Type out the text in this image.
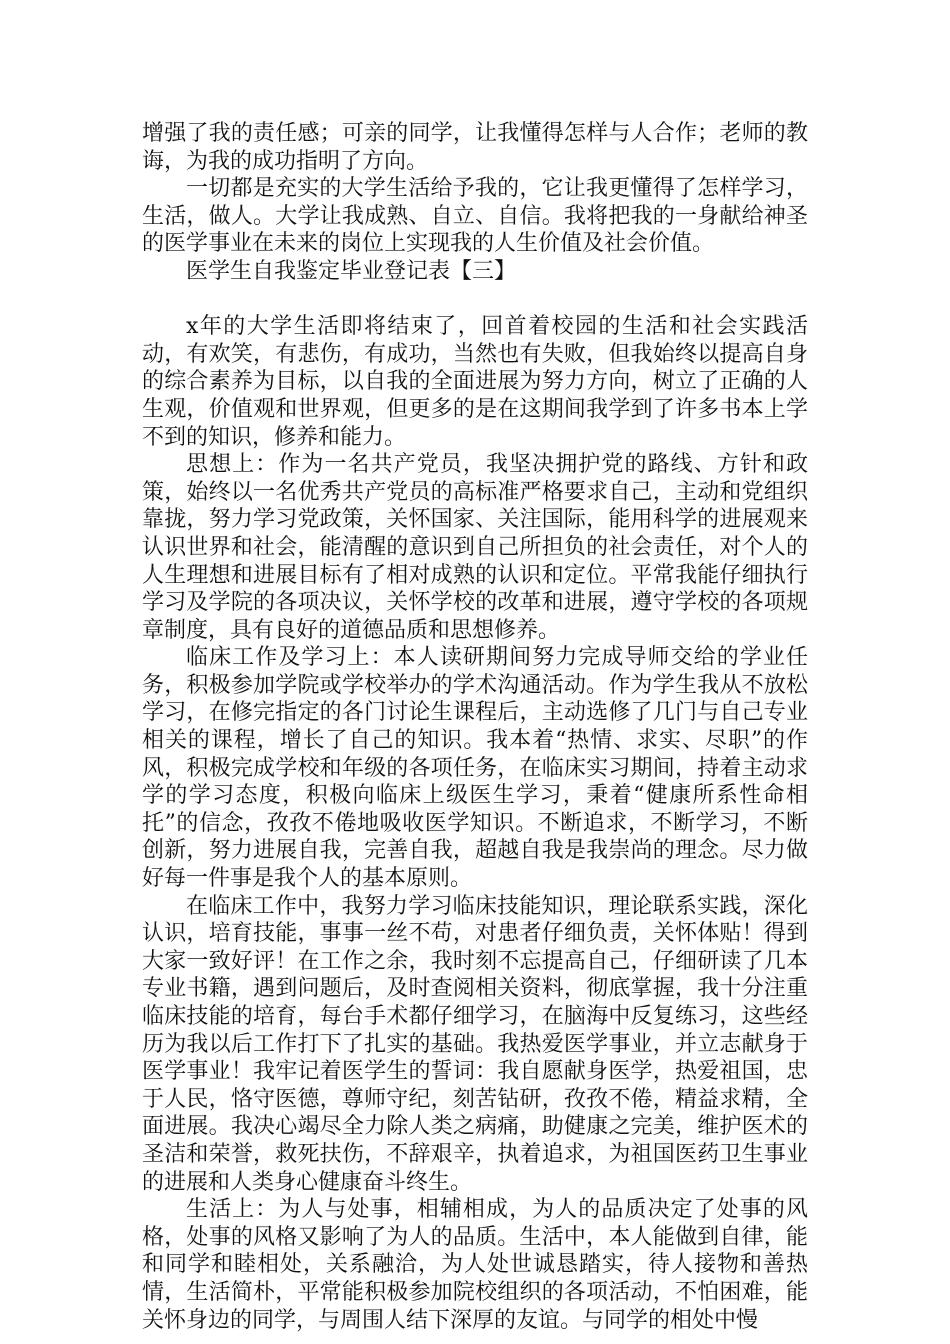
增强了我的责任感；可亲的同学，让我懂得怎样与人合作；老师的教诲，为我的成功指明了方向。

一切都是充实的大学生活给予我的，它让我更懂得了怎样学习，生活，做人。大学让我成熟、自立、自信。我将把我的一身献给神圣的医学事业在未来的岗位上实现我的人生价值及社会价值。

医学生自我鉴定毕业登记表【三】

x年的大学生活即将结束了，回首着校园的生活和社会实践活动，有欢笑，有悲伤，有成功，当然也有失败，但我始终以提高自身的综合素养为目标，以自我的全面进展为努力方向，树立了正确的人生观，价值观和世界观，但更多的是在这期间我学到了许多书本上学不到的知识，修养和能力。

思想上：作为一名共产党员，我坚决拥护党的路线、方针和政策，始终以一名优秀共产党员的高标准严格要求自己，主动和党组织靠拢，努力学习党政策，关怀国家、关注国际，能用科学的进展观来认识世界和社会，能清醒的意识到自己所担负的社会责任，对个人的人生理想和进展目标有了相对成熟的认识和定位。平常我能仔细执行学习及学院的各项决议，关怀学校的改革和进展，遵守学校的各项规章制度，具有良好的道德品质和思想修养。

临床工作及学习上：本人读研期间努力完成导师交给的学业任务，积极参加学院或学校举办的学术沟通活动。作为学生我从不放松学习，在修完指定的各门讨论生课程后，主动选修了几门与自己专业相关的课程，增长了自己的知识。我本着“热情、求实、尽职”的作风，积极完成学校和年级的各项任务，在临床实习期间，持着主动求学的学习态度，积极向临床上级医生学习，秉着“健康所系性命相托”的信念，孜孜不倦地吸收医学知识。不断追求，不断学习，不断创新，努力进展自我，完善自我，超越自我是我崇尚的理念。尽力做好每一件事是我个人的基本原则。

在临床工作中，我努力学习临床技能知识，理论联系实践，深化认识，培育技能，事事一丝不苟，对患者仔细负责，关怀体贴！得到大家一致好评！在工作之余，我时刻不忘提高自己，仔细研读了几本专业书籍，遇到问题后，及时查阅相关资料，彻底掌握，我十分注重临床技能的培育，每台手术都仔细学习，在脑海中反复练习，这些经历为我以后工作打下了扎实的基础。我热爱医学事业，并立志献身于医学事业！我牢记着医学生的誓词：我自愿献身医学，热爱祖国，忠于人民，恪守医德，尊师守纪，刻苦钻研，孜孜不倦，精益求精，全面进展。我决心竭尽全力除人类之病痛，助健康之完美，维护医术的圣洁和荣誉，救死扶伤，不辞艰辛，执着追求，为祖国医药卫生事业的进展和人类身心健康奋斗终生。

生活上：为人与处事，相辅相成，为人的品质决定了处事的风格，处事的风格又影响了为人的品质。生活中，本人能做到自律，能和同学和睦相处，关系融洽，为人处世诚恳踏实，待人接物和善热情，生活简朴，平常能积极参加院校组织的各项活动，不怕困难，能关怀身边的同学，与周围人结下深厚的友谊。与同学的相处中慢
